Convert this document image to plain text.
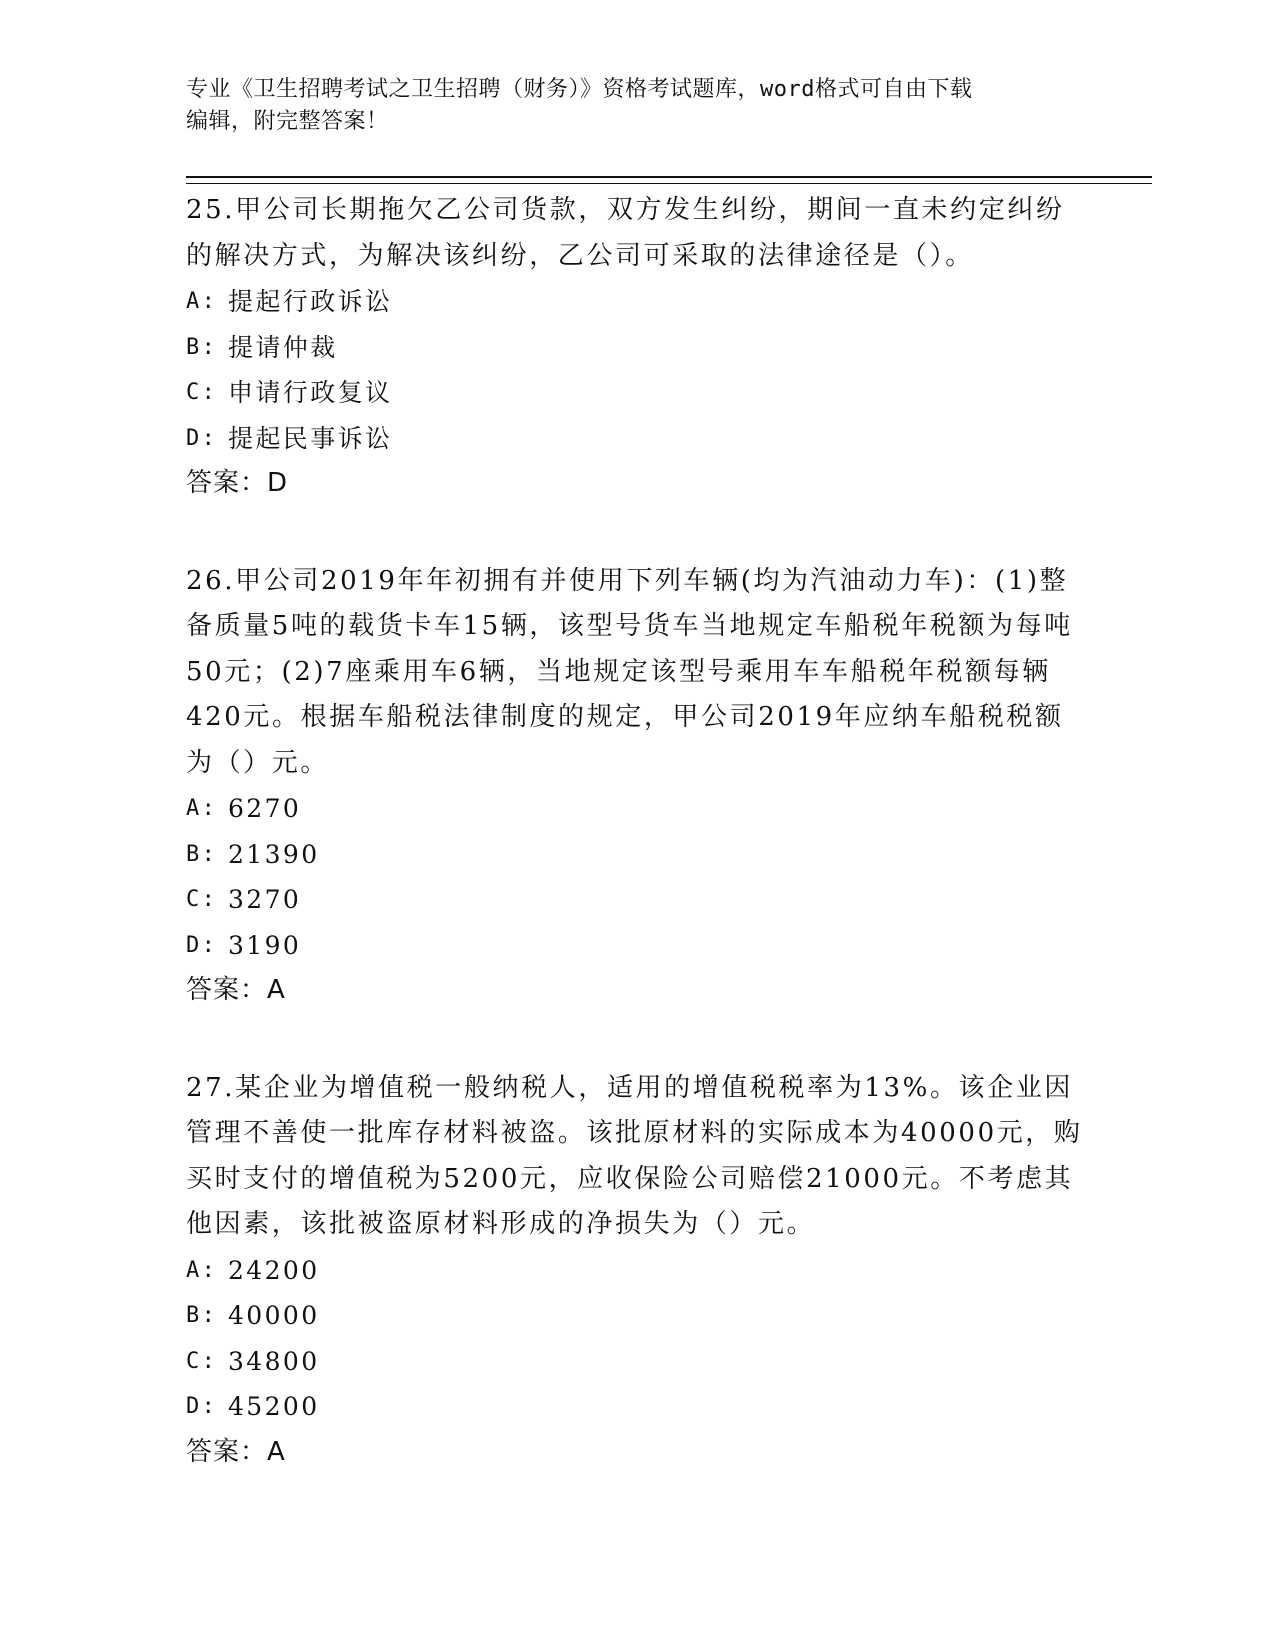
专业《卫生招聘考试之卫生招聘（财务）》资格考试题库，word格式可自由下载
编辑，附完整答案！

25.甲公司长期拖欠乙公司货款，双方发生纠纷，期间一直未约定纠纷的解决方式，为解决该纠纷，乙公司可采取的法律途径是（）。

A: 提起行政诉讼
B: 提请仲裁
C: 申请行政复议
D: 提起民事诉讼
答案：D

26.甲公司2019年年初拥有并使用下列车辆(均为汽油动力车)：(1)整备质量5吨的载货卡车15辆，该型号货车当地规定车船税年税额为每吨50元；(2)7座乘用车6辆，当地规定该型号乘用车车船税年税额每辆420元。根据车船税法律制度的规定，甲公司2019年应纳车船税税额为（）元。

A: 6270
B: 21390
C: 3270
D: 3190
答案：A

27.某企业为增值税一般纳税人，适用的增值税税率为13%。该企业因管理不善使一批库存材料被盗。该批原材料的实际成本为40000元，购买时支付的增值税为5200元，应收保险公司赔偿21000元。不考虑其他因素，该批被盗原材料形成的净损失为（）元。

A: 24200
B: 40000
C: 34800
D: 45200
答案：A
